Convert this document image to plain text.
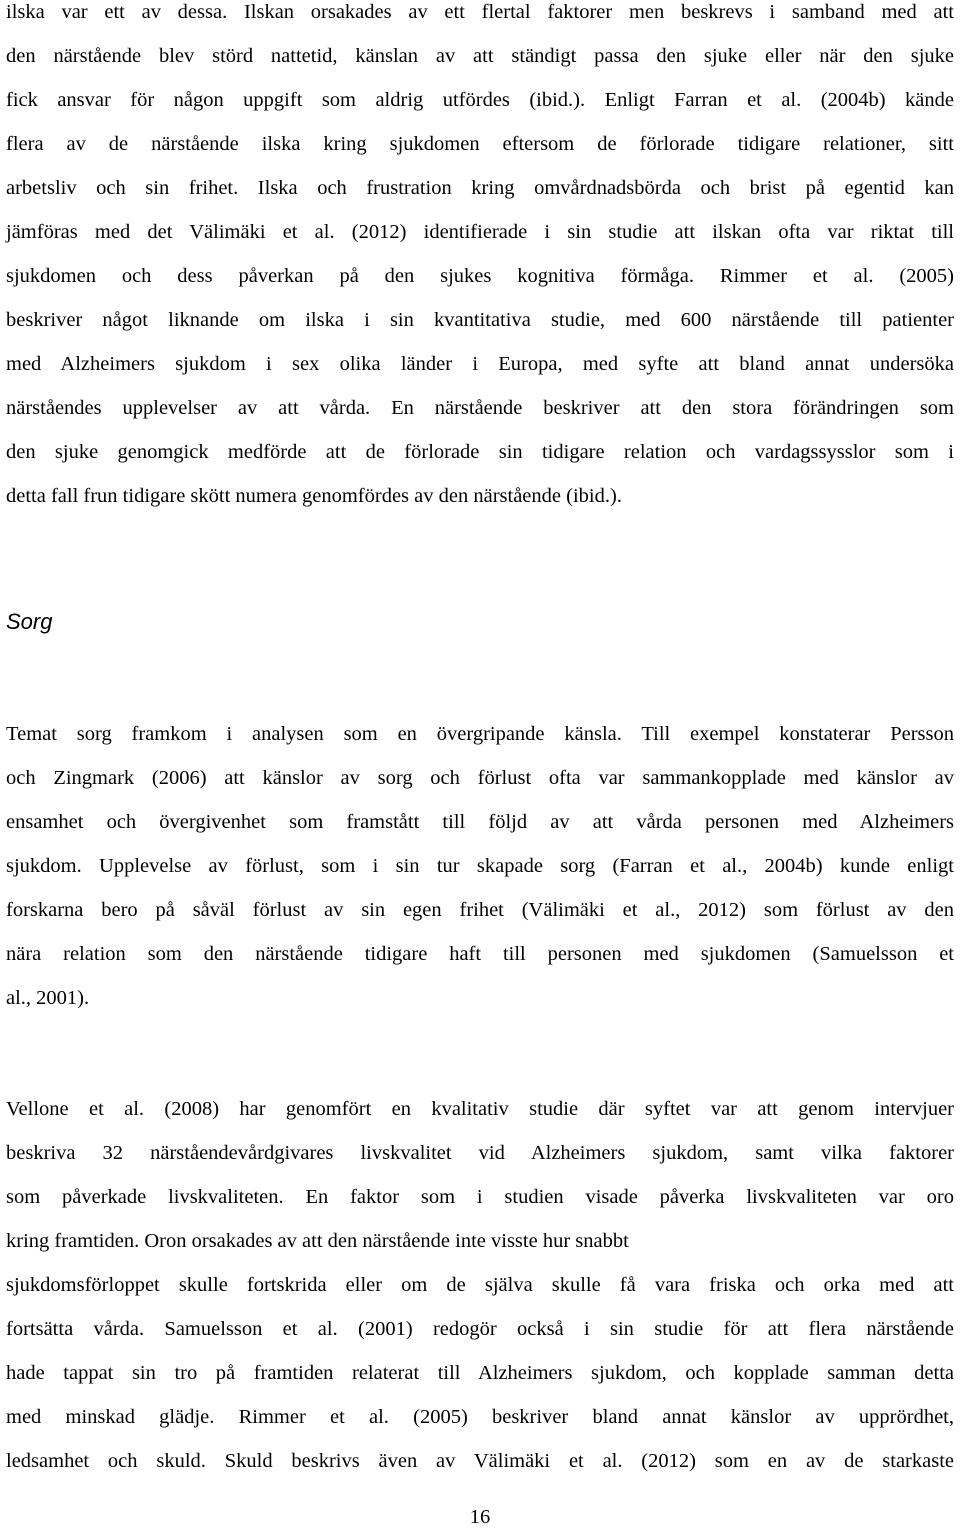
ilska var ett av dessa. Ilskan orsakades av ett flertal faktorer men beskrevs i samband med att
den närstående blev störd nattetid, känslan av att ständigt passa den sjuke eller när den sjuke
fick ansvar för någon uppgift som aldrig utfördes (ibid.). Enligt Farran et al. (2004b) kände
flera av de närstående ilska kring sjukdomen eftersom de förlorade tidigare relationer, sitt
arbetsliv och sin frihet. Ilska och frustration kring omvårdnadsbörda och brist på egentid kan
jämföras med det Välimäki et al. (2012) identifierade i sin studie att ilskan ofta var riktat till
sjukdomen och dess påverkan på den sjukes kognitiva förmåga. Rimmer et al. (2005)
beskriver något liknande om ilska i sin kvantitativa studie, med 600 närstående till patienter
med Alzheimers sjukdom i sex olika länder i Europa, med syfte att bland annat undersöka
närståendes upplevelser av att vårda. En närstående beskriver att den stora förändringen som
den sjuke genomgick medförde att de förlorade sin tidigare relation och vardagssysslor som i
detta fall frun tidigare skött numera genomfördes av den närstående (ibid.).
Sorg
Temat sorg framkom i analysen som en övergripande känsla. Till exempel konstaterar Persson
och Zingmark (2006) att känslor av sorg och förlust ofta var sammankopplade med känslor av
ensamhet och övergivenhet som framstått till följd av att vårda personen med Alzheimers
sjukdom. Upplevelse av förlust, som i sin tur skapade sorg (Farran et al., 2004b) kunde enligt
forskarna bero på såväl förlust av sin egen frihet (Välimäki et al., 2012) som förlust av den
nära relation som den närstående tidigare haft till personen med sjukdomen (Samuelsson et
al., 2001).
Vellone et al. (2008) har genomfört en kvalitativ studie där syftet var att genom intervjuer
beskriva 32 närståendevårdgivares livskvalitet vid Alzheimers sjukdom, samt vilka faktorer
som påverkade livskvaliteten. En faktor som i studien visade påverka livskvaliteten var oro
kring framtiden. Oron orsakades av att den närstående inte visste hur snabbt
sjukdomsförloppet skulle fortskrida eller om de själva skulle få vara friska och orka med att
fortsätta vårda. Samuelsson et al. (2001) redogör också i sin studie för att flera närstående
hade tappat sin tro på framtiden relaterat till Alzheimers sjukdom, och kopplade samman detta
med minskad glädje. Rimmer et al. (2005) beskriver bland annat känslor av upprördhet,
ledsamhet och skuld. Skuld beskrivs även av Välimäki et al. (2012) som en av de starkaste
16
